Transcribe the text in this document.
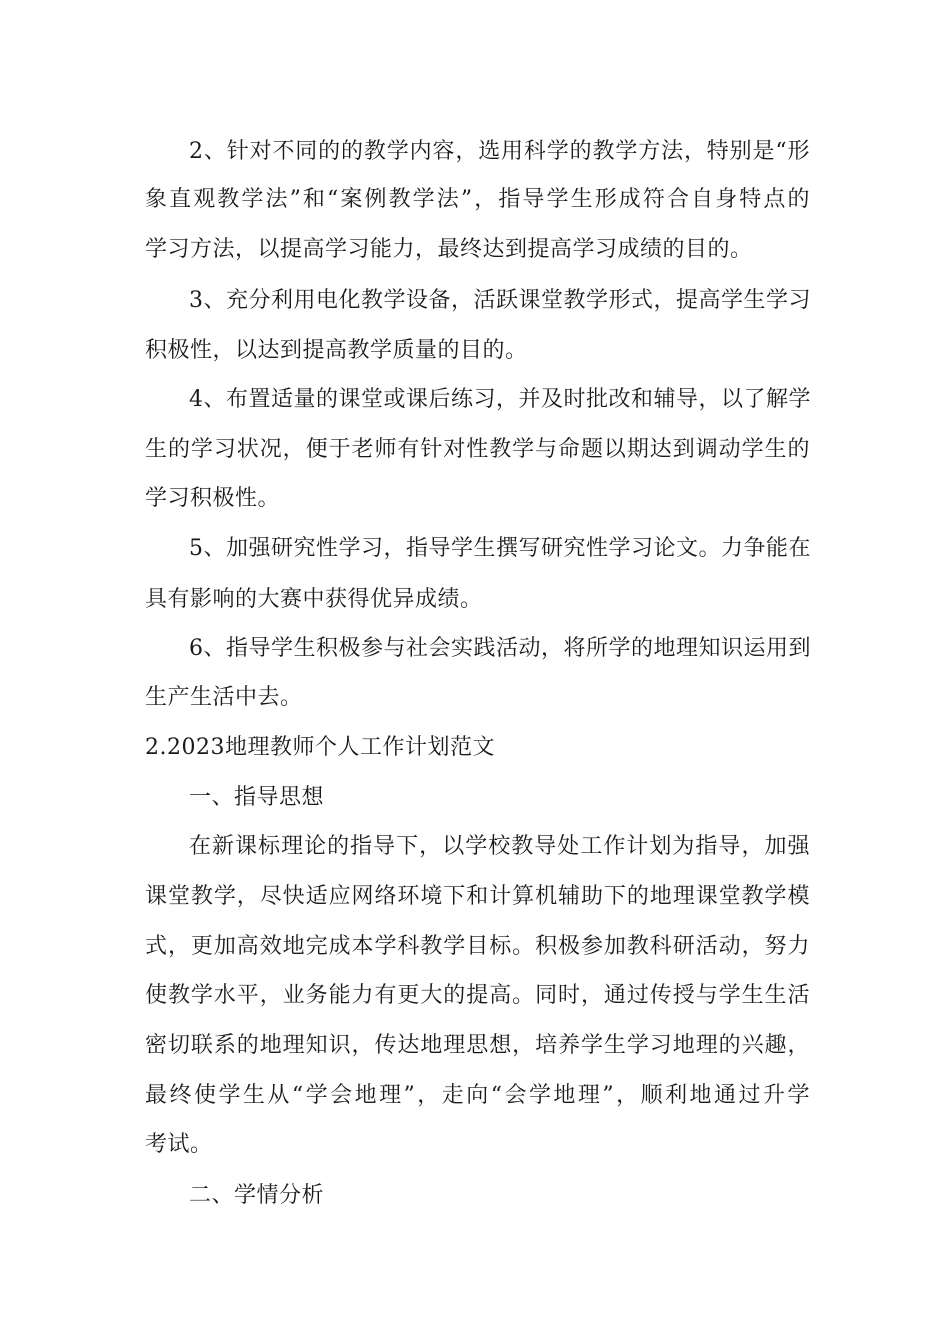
2、针对不同的的教学内容，选用科学的教学方法，特别是“形
象直观教学法”和“案例教学法”，指导学生形成符合自身特点的
学习方法，以提高学习能力，最终达到提高学习成绩的目的。
3、充分利用电化教学设备，活跃课堂教学形式，提高学生学习
积极性，以达到提高教学质量的目的。
4、布置适量的课堂或课后练习，并及时批改和辅导，以了解学
生的学习状况，便于老师有针对性教学与命题以期达到调动学生的
学习积极性。
5、加强研究性学习，指导学生撰写研究性学习论文。力争能在
具有影响的大赛中获得优异成绩。
6、指导学生积极参与社会实践活动，将所学的地理知识运用到
生产生活中去。
2.2023地理教师个人工作计划范文
一、指导思想
在新课标理论的指导下，以学校教导处工作计划为指导，加强
课堂教学，尽快适应网络环境下和计算机辅助下的地理课堂教学模
式，更加高效地完成本学科教学目标。积极参加教科研活动，努力
使教学水平，业务能力有更大的提高。同时，通过传授与学生生活
密切联系的地理知识，传达地理思想，培养学生学习地理的兴趣，
最终使学生从“学会地理”，走向“会学地理”，顺利地通过升学
考试。
二、学情分析
